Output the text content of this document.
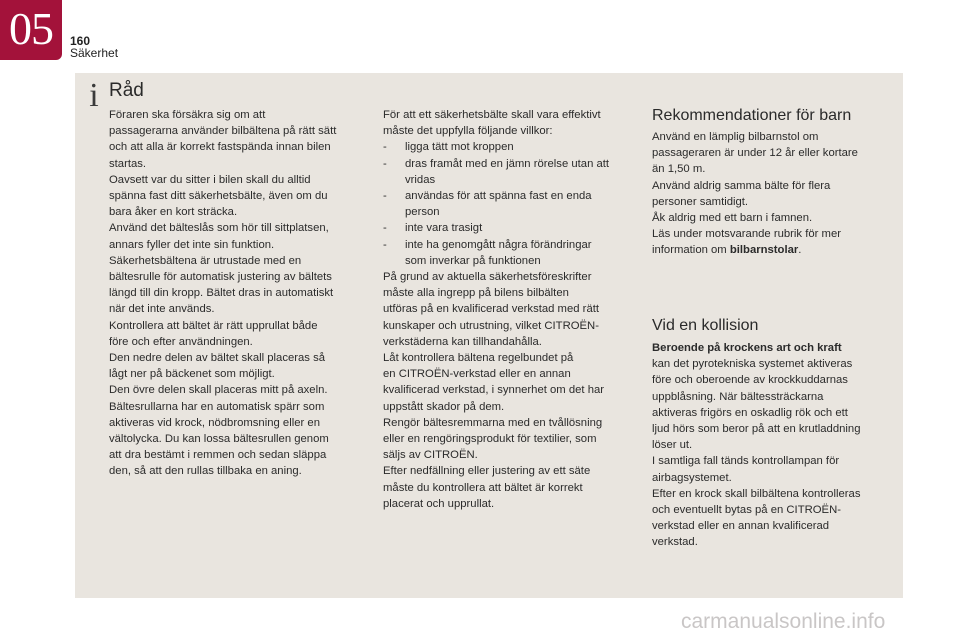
05	160
Säkerhet
i Råd

Föraren ska försäkra sig om att

passagerarna använder bilbältena på rätt sätt

och att alla är korrekt fastspända innan bilen

startas.

Oavsett var du sitter i bilen skall du alltid

spänna fast ditt säkerhetsbälte, även om du

bara åker en kort sträcka.

Använd det bälteslås som hör till sittplatsen,

annars fyller det inte sin funktion.

Säkerhetsbältena är utrustade med en

bältesrulle för automatisk justering av bältets

längd till din kropp. Bältet dras in automatiskt

när det inte används.

Kontrollera att bältet är rätt upprullat både

före och efter användningen.

Den nedre delen av bältet skall placeras så

lågt ner på bäckenet som möjligt.

Den övre delen skall placeras mitt på axeln.

Bältesrullarna har en automatisk spärr som

aktiveras vid krock, nödbromsning eller en

vältolycka. Du kan lossa bältesrullen genom

att dra bestämt i remmen och sedan släppa

den, så att den rullas tillbaka en aning.

För att ett säkerhetsbälte skall vara effektivt

måste det uppfylla följande villkor:

- ligga tätt mot kroppen

- dras framåt med en jämn rörelse utan att

vridas

- användas för att spänna fast en enda

person

- inte vara trasigt

- inte ha genomgått några förändringar

som inverkar på funktionen

På grund av aktuella säkerhetsföreskrifter

måste alla ingrepp på bilens bilbälten

utföras på en kvalificerad verkstad med rätt

kunskaper och utrustning, vilket CITROËN-

verkstäderna kan tillhandahålla.

Låt kontrollera bältena regelbundet på

en CITROËN-verkstad eller en annan

kvalificerad verkstad, i synnerhet om det har

uppstått skador på dem.

Rengör bältesremmarna med en tvållösning

eller en rengöringsprodukt för textilier, som

säljs av CITROËN.

Efter nedfällning eller justering av ett säte

måste du kontrollera att bältet är korrekt

placerat och upprullat.

Rekommendationer för barn

Använd en lämplig bilbarnstol om

passageraren är under 12 år eller kortare

än 1,50 m.

Använd aldrig samma bälte för flera

personer samtidigt.

Åk aldrig med ett barn i famnen.

Läs under motsvarande rubrik för mer

information om bilbarnstolar.

Vid en kollision

Beroende på krockens art och kraft

kan det pyrotekniska systemet aktiveras

före och oberoende av krockkuddarnas

uppblåsning. När bältessträckarna

aktiveras frigörs en oskadlig rök och ett

ljud hörs som beror på att en krutladdning

löser ut.

I samtliga fall tänds kontrollampan för

airbagsystemet.

Efter en krock skall bilbältena kontrolleras

och eventuellt bytas på en CITROËN-

verkstad eller en annan kvalificerad

verkstad.

carmanualsonline.info
